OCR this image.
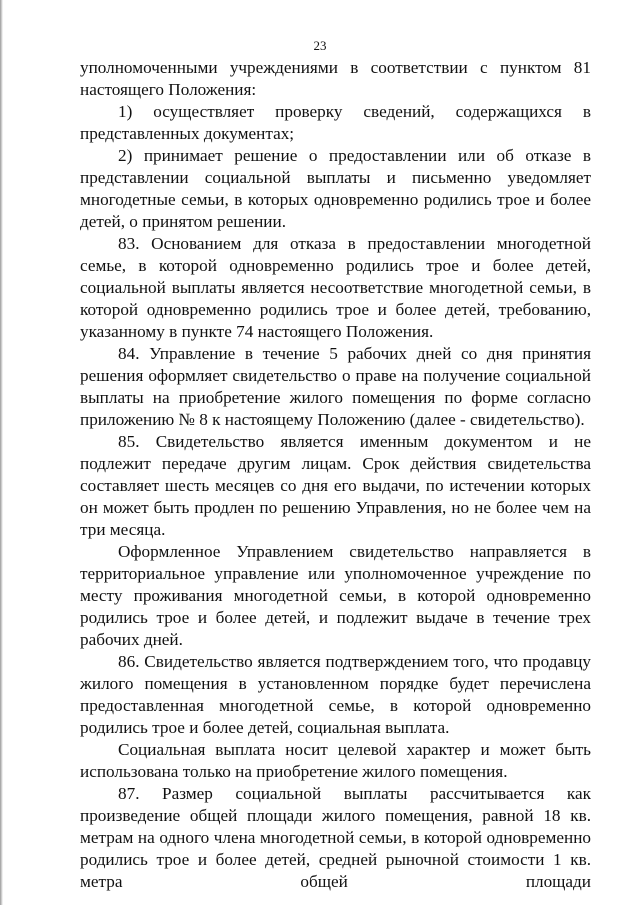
23

уполномоченными учреждениями в соответствии с пунктом 81 настоящего Положения:

1) осуществляет проверку сведений, содержащихся в представленных документах;

2) принимает решение о предоставлении или об отказе в представлении социальной выплаты и письменно уведомляет многодетные семьи, в которых одновременно родились трое и более детей, о принятом решении.

83. Основанием для отказа в предоставлении многодетной семье, в которой одновременно родились трое и более детей, социальной выплаты является несоответствие многодетной семьи, в которой одновременно родились трое и более детей, требованию, указанному в пункте 74 настоящего Положения.

84. Управление в течение 5 рабочих дней со дня принятия решения оформляет свидетельство о праве на получение социальной выплаты на приобретение жилого помещения по форме согласно приложению № 8 к настоящему Положению (далее - свидетельство).

85. Свидетельство является именным документом и не подлежит передаче другим лицам. Срок действия свидетельства составляет шесть месяцев со дня его выдачи, по истечении которых он может быть продлен по решению Управления, но не более чем на три месяца.

Оформленное Управлением свидетельство направляется в территориальное управление или уполномоченное учреждение по месту проживания многодетной семьи, в которой одновременно родились трое и более детей, и подлежит выдаче в течение трех рабочих дней.

86. Свидетельство является подтверждением того, что продавцу жилого помещения в установленном порядке будет перечислена предоставленная многодетной семье, в которой одновременно родились трое и более детей, социальная выплата.

Социальная выплата носит целевой характер и может быть использована только на приобретение жилого помещения.

87. Размер социальной выплаты рассчитывается как произведение общей площади жилого помещения, равной 18 кв. метрам на одного члена многодетной семьи, в которой одновременно родились трое и более детей, средней рыночной стоимости 1 кв. метра общей площади
